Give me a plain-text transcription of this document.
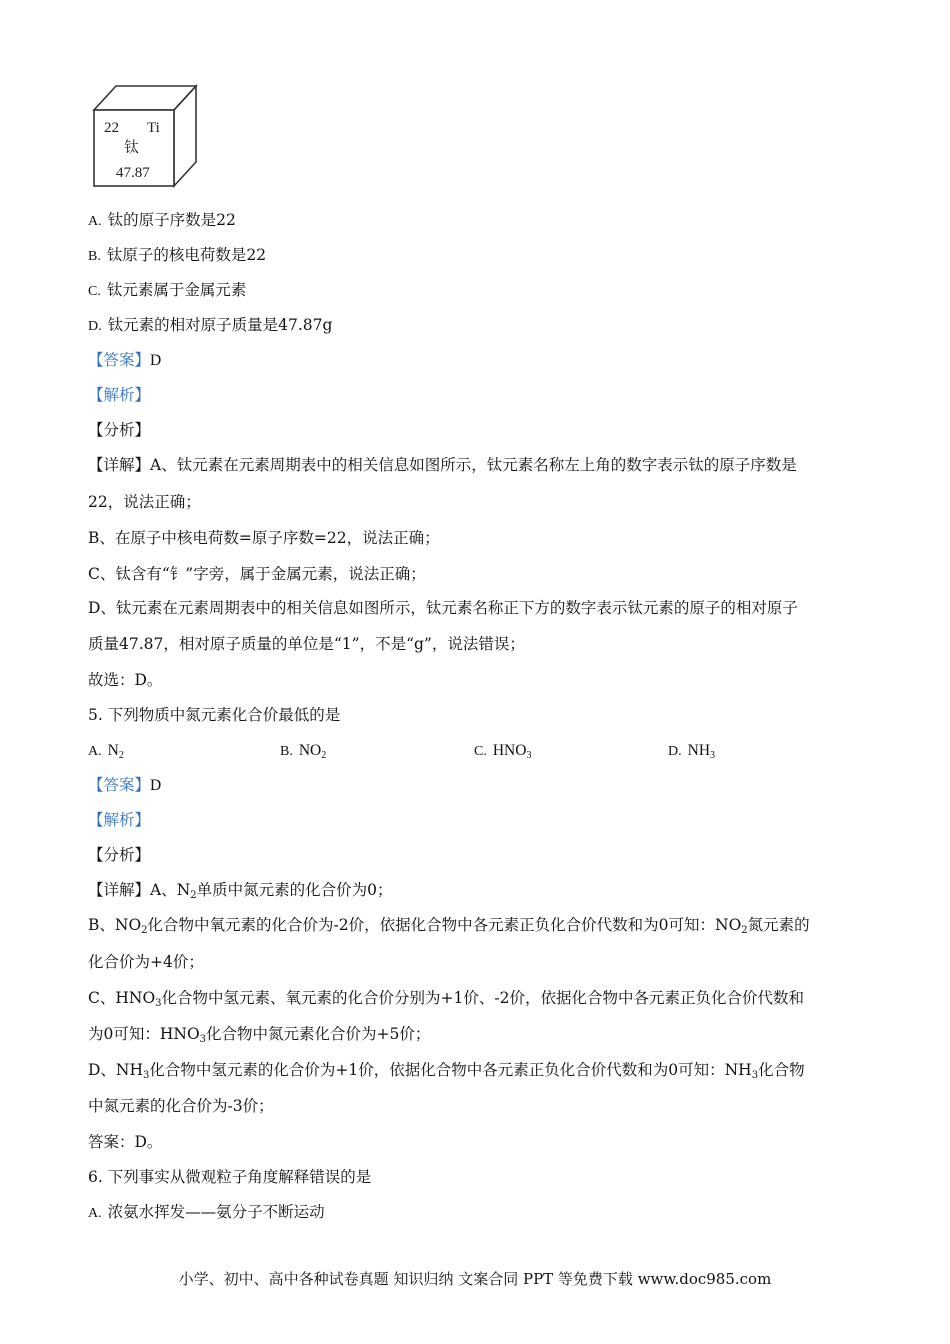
22 Ti
钛
47.87
A. 钛的原子序数是22
B. 钛原子的核电荷数是22
C. 钛元素属于金属元素
D. 钛元素的相对原子质量是47.87g
【答案】D
【解析】
【分析】
【详解】A、钛元素在元素周期表中的相关信息如图所示，钛元素名称左上角的数字表示钛的原子序数是
22，说法正确；
B、在原子中核电荷数=原子序数=22，说法正确；
C、钛含有“钅”字旁，属于金属元素，说法正确；
D、钛元素在元素周期表中的相关信息如图所示，钛元素名称正下方的数字表示钛元素的原子的相对原子
质量47.87，相对原子质量的单位是“1”，不是“g”，说法错误；
故选：D。
5. 下列物质中氮元素化合价最低的是
A. $N_2$	B. $NO_2$	C. $HNO_3$	D. $NH_3$
【答案】D
【解析】
【分析】
【详解】A、$N_2$单质中氮元素的化合价为0；
B、$NO_2$化合物中氧元素的化合价为-2价，依据化合物中各元素正负化合价代数和为0可知：$NO_2$氮元素的
化合价为+4价；
C、$HNO_3$化合物中氢元素、氧元素的化合价分别为+1价、-2价，依据化合物中各元素正负化合价代数和
为0可知：$HNO_3$化合物中氮元素化合价为+5价；
D、$NH_3$化合物中氢元素的化合价为+1价，依据化合物中各元素正负化合价代数和为0可知：$NH_3$化合物
中氮元素的化合价为-3价；
答案：D。
6. 下列事实从微观粒子角度解释错误的是
A. 浓氨水挥发——氨分子不断运动
小学、初中、高中各种试卷真题 知识归纳 文案合同 PPT 等免费下载 www.doc985.com
